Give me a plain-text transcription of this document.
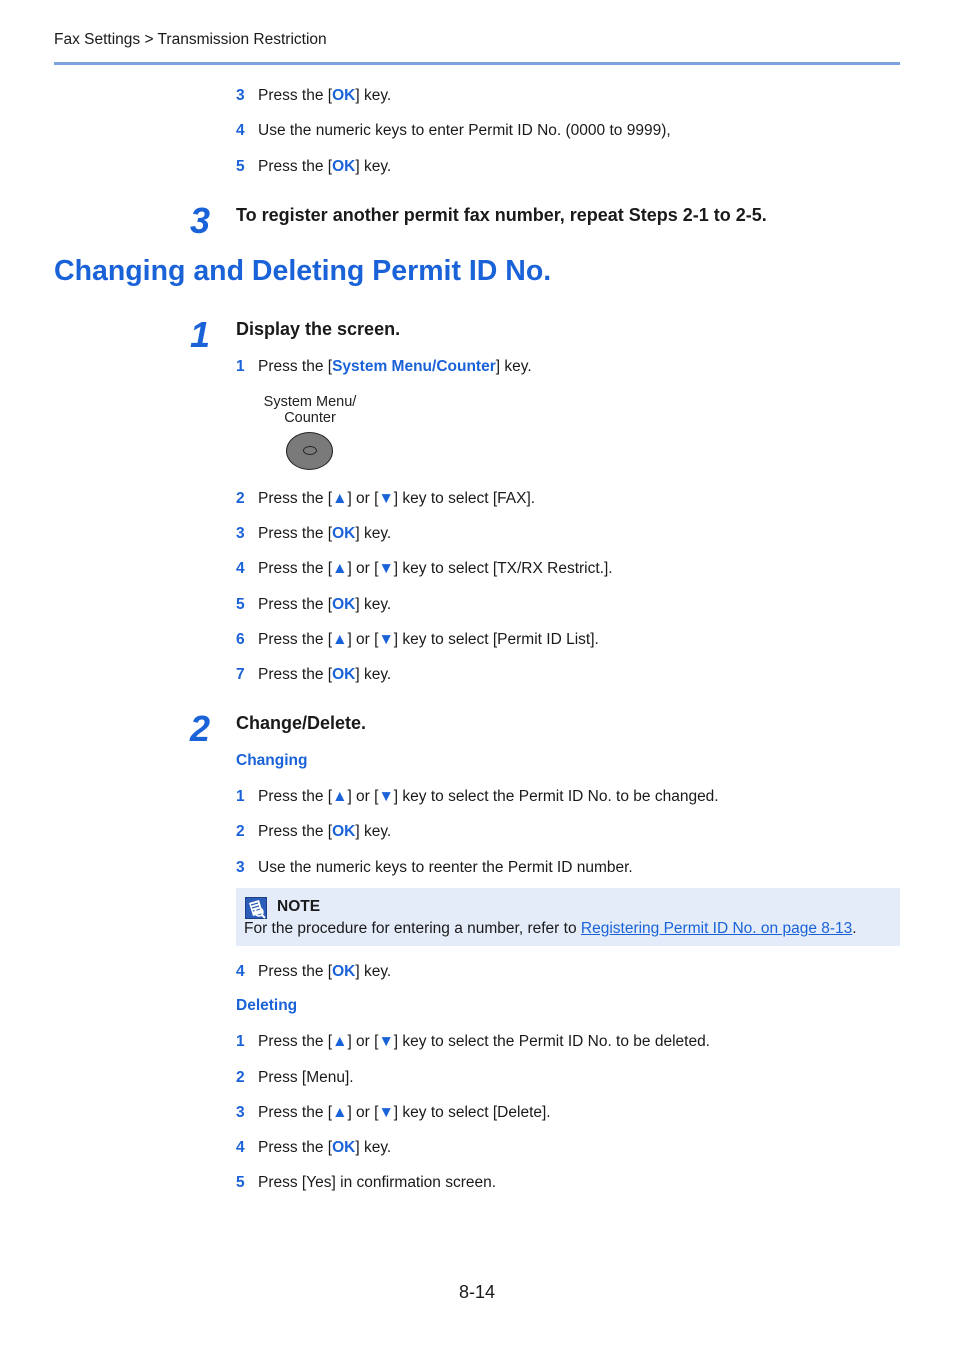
Fax Settings > Transmission Restriction
3 Press the [OK] key.
4 Use the numeric keys to enter Permit ID No. (0000 to 9999),
5 Press the [OK] key.
3 To register another permit fax number, repeat Steps 2-1 to 2-5.
Changing and Deleting Permit ID No.
1 Display the screen.
1 Press the [System Menu/Counter] key.
System Menu/
Counter
2 Press the [▲] or [▼] key to select [FAX].
3 Press the [OK] key.
4 Press the [▲] or [▼] key to select [TX/RX Restrict.].
5 Press the [OK] key.
6 Press the [▲] or [▼] key to select [Permit ID List].
7 Press the [OK] key.
2 Change/Delete.
Changing
1 Press the [▲] or [▼] key to select the Permit ID No. to be changed.
2 Press the [OK] key.
3 Use the numeric keys to reenter the Permit ID number.
NOTE
For the procedure for entering a number, refer to Registering Permit ID No. on page 8-13.
4 Press the [OK] key.
Deleting
1 Press the [▲] or [▼] key to select the Permit ID No. to be deleted.
2 Press [Menu].
3 Press the [▲] or [▼] key to select [Delete].
4 Press the [OK] key.
5 Press [Yes] in confirmation screen.
8-14
